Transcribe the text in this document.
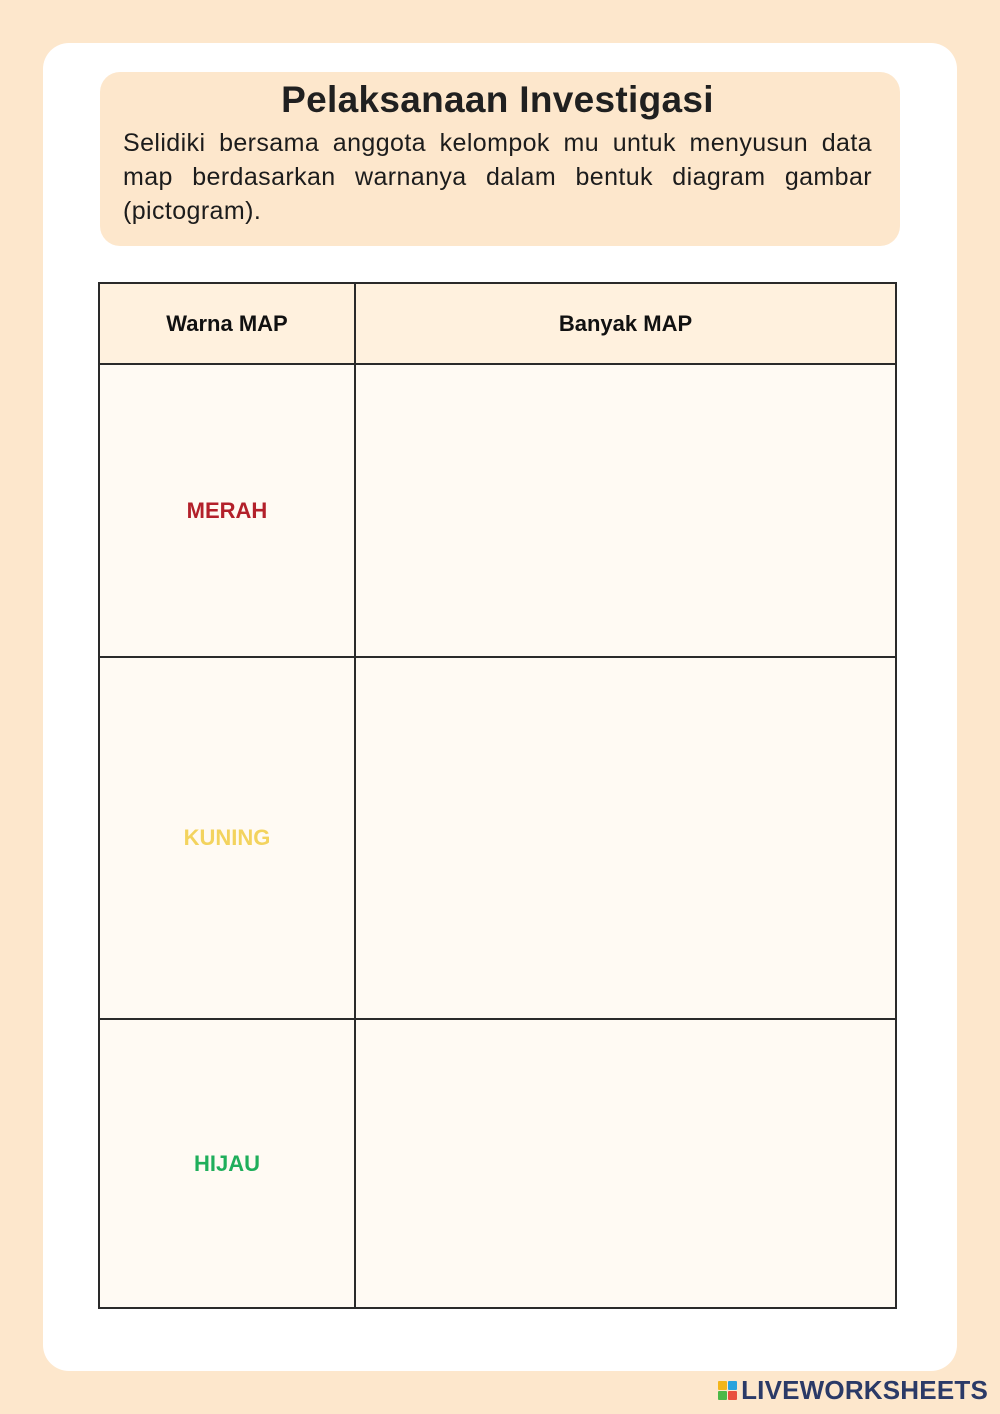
Pelaksanaan Investigasi

Selidiki bersama anggota kelompok mu untuk menyusun data map berdasarkan warnanya dalam bentuk diagram gambar (pictogram).

Warna MAP	Banyak MAP
MERAH	
KUNING	
HIJAU	
LIVEWORKSHEETS
